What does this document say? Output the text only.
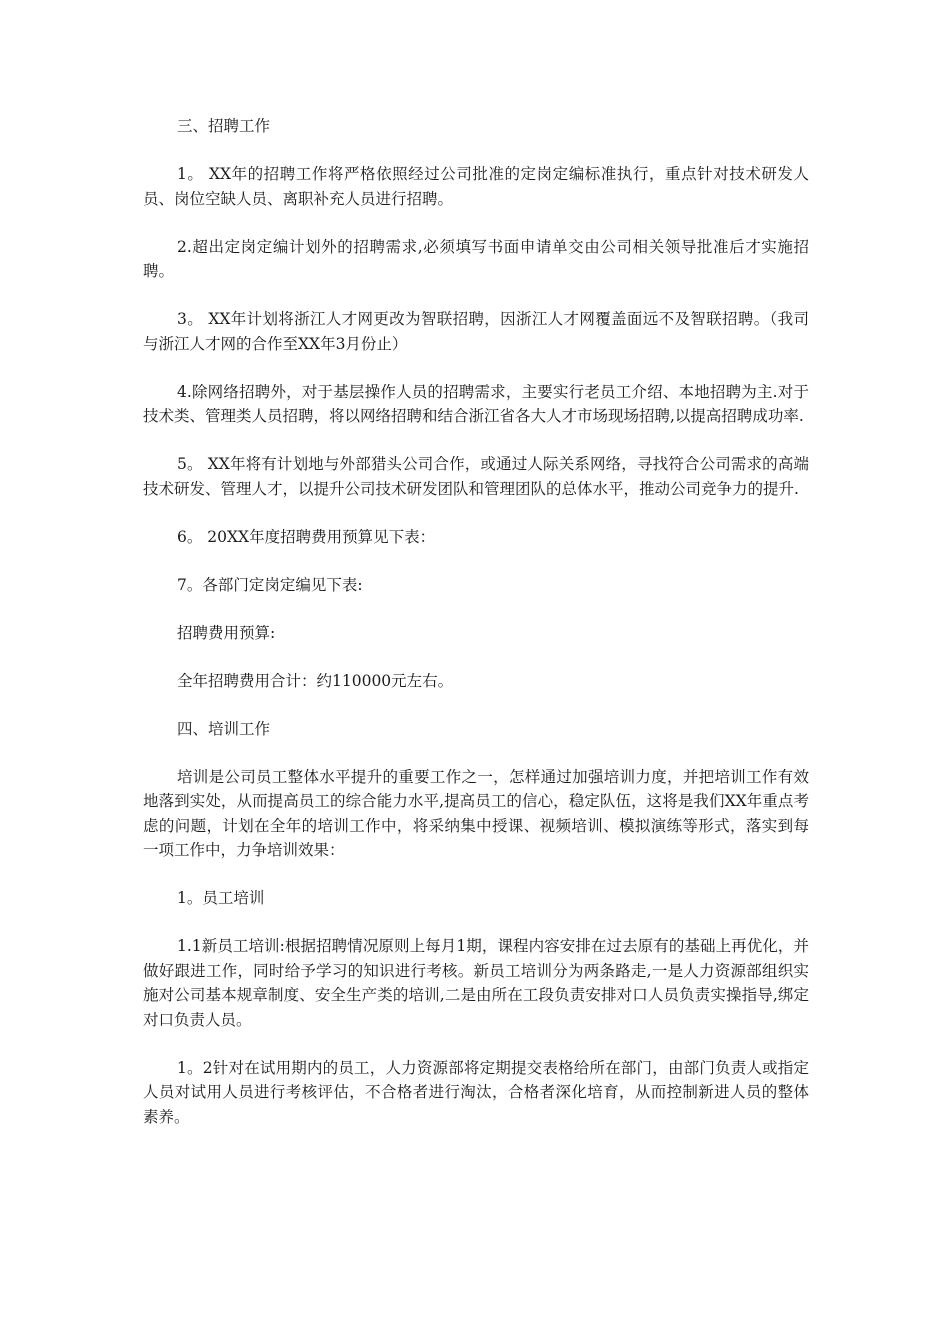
三、招聘工作

1。 XX年的招聘工作将严格依照经过公司批准的定岗定编标准执行，重点针对技术研发人员、岗位空缺人员、离职补充人员进行招聘。

2.超出定岗定编计划外的招聘需求,必须填写书面申请单交由公司相关领导批准后才实施招聘。

3。 XX年计划将浙江人才网更改为智联招聘，因浙江人才网覆盖面远不及智联招聘。（我司与浙江人才网的合作至XX年3月份止）

4.除网络招聘外，对于基层操作人员的招聘需求，主要实行老员工介绍、本地招聘为主.对于技术类、管理类人员招聘，将以网络招聘和结合浙江省各大人才市场现场招聘,以提高招聘成功率.

5。 XX年将有计划地与外部猎头公司合作，或通过人际关系网络，寻找符合公司需求的高端技术研发、管理人才，以提升公司技术研发团队和管理团队的总体水平，推动公司竞争力的提升.

6。 20XX年度招聘费用预算见下表：

7。各部门定岗定编见下表:

招聘费用预算:

全年招聘费用合计：约110000元左右。

四、培训工作

培训是公司员工整体水平提升的重要工作之一，怎样通过加强培训力度，并把培训工作有效地落到实处，从而提高员工的综合能力水平,提高员工的信心，稳定队伍，这将是我们XX年重点考虑的问题，计划在全年的培训工作中，将采纳集中授课、视频培训、模拟演练等形式，落实到每一项工作中，力争培训效果：

1。员工培训

1.1新员工培训:根据招聘情况原则上每月1期，课程内容安排在过去原有的基础上再优化，并做好跟进工作，同时给予学习的知识进行考核。新员工培训分为两条路走,一是人力资源部组织实施对公司基本规章制度、安全生产类的培训,二是由所在工段负责安排对口人员负责实操指导,绑定对口负责人员。

1。2针对在试用期内的员工，人力资源部将定期提交表格给所在部门，由部门负责人或指定人员对试用人员进行考核评估，不合格者进行淘汰，合格者深化培育，从而控制新进人员的整体素养。
